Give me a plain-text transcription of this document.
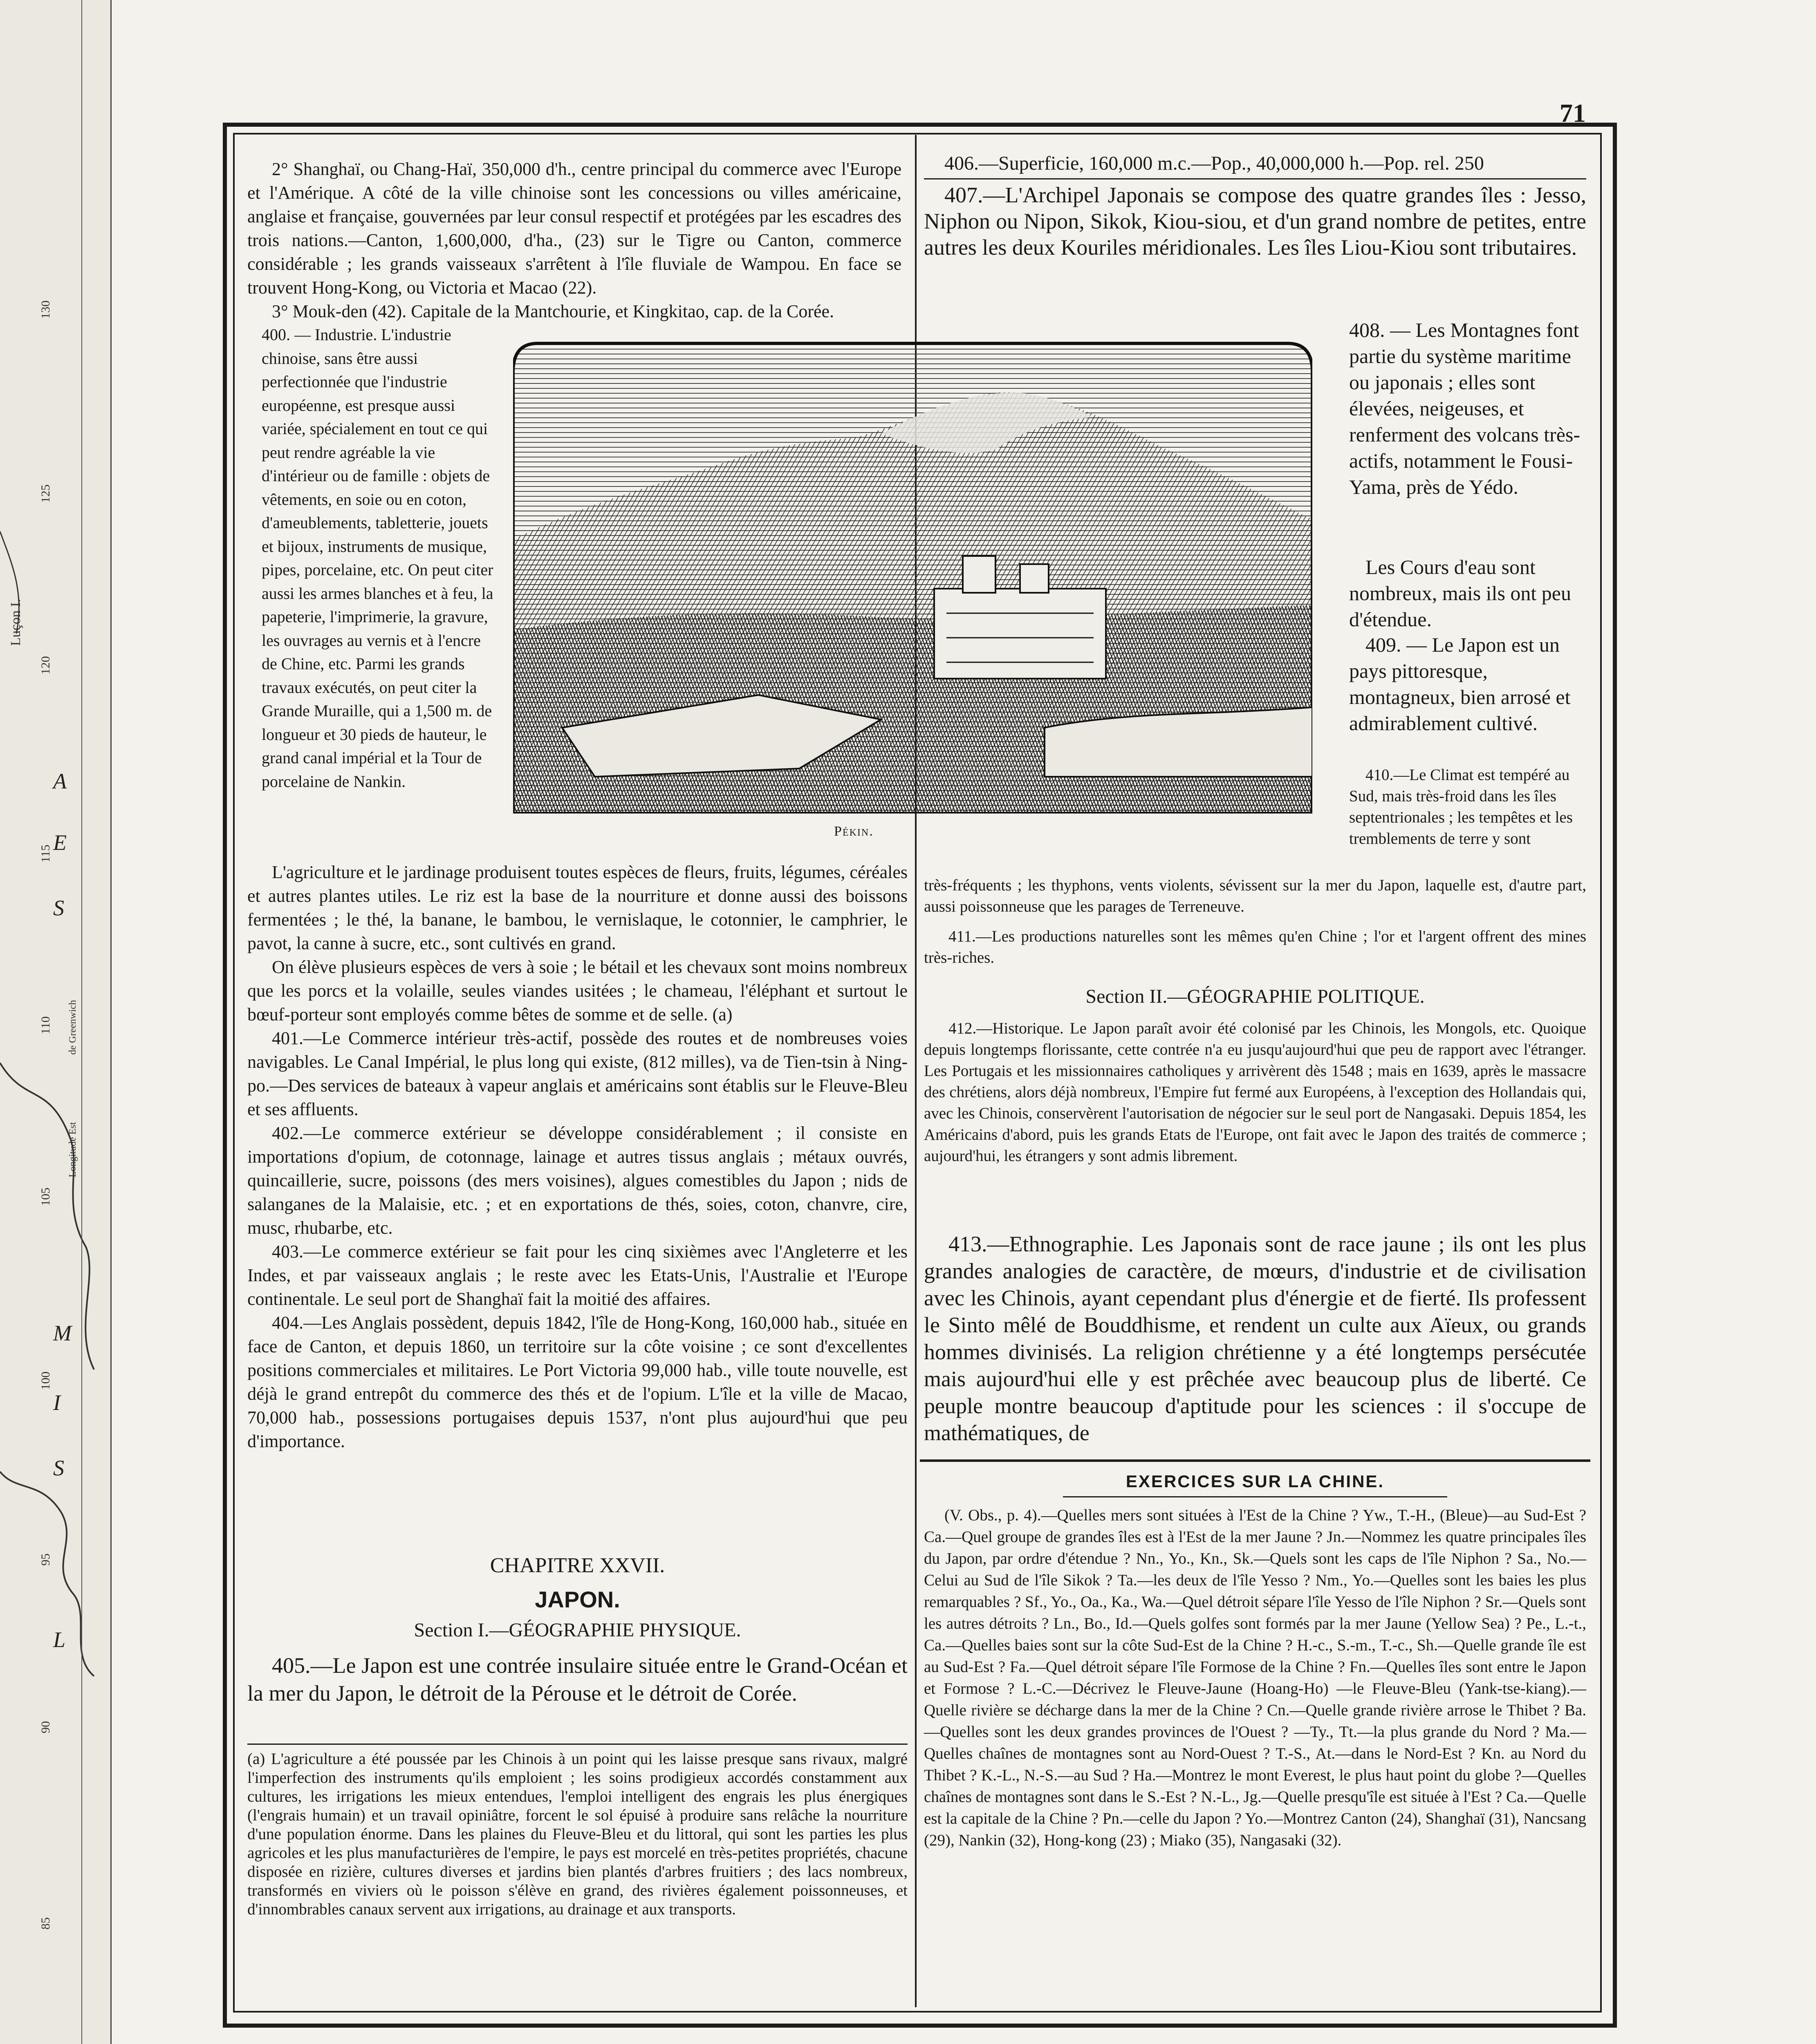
130
125
120
115
110
105
100
95
90
85
A
E
S
M
I
S
L
Luçon I.
Longitude Est
de Greenwich
71

2° Shanghaï, ou Chang-Haï, 350,000 d'h., centre principal du commerce avec l'Europe et l'Amérique. A côté de la ville chinoise sont les concessions ou villes américaine, anglaise et française, gouvernées par leur consul respectif et protégées par les escadres des trois nations.—Canton, 1,600,000, d'ha., (23) sur le Tigre ou Canton, commerce considérable ; les grands vaisseaux s'arrêtent à l'île fluviale de Wampou. En face se trouvent Hong-Kong, ou Victoria et Macao (22).

3° Mouk-den (42). Capitale de la Mantchourie, et Kingkitao, cap. de la Corée.

400. — Industrie. L'industrie chinoise, sans être aussi perfectionnée que l'industrie européenne, est presque aussi variée, spécialement en tout ce qui peut rendre agréable la vie d'intérieur ou de famille : objets de vêtements, en soie ou en coton, d'ameublements, tabletterie, jouets et bijoux, instruments de musique, pipes, porcelaine, etc. On peut citer aussi les armes blanches et à feu, la papeterie, l'imprimerie, la gravure, les ouvrages au vernis et à l'encre de Chine, etc. Parmi les grands travaux exécutés, on peut citer la Grande Muraille, qui a 1,500 m. de longueur et 30 pieds de hauteur, le grand canal impérial et la Tour de porcelaine de Nankin.
Pékin.

L'agriculture et le jardinage produisent toutes espèces de fleurs, fruits, légumes, céréales et autres plantes utiles. Le riz est la base de la nourriture et donne aussi des boissons fermentées ; le thé, la banane, le bambou, le vernislaque, le cotonnier, le camphrier, le pavot, la canne à sucre, etc., sont cultivés en grand.

On élève plusieurs espèces de vers à soie ; le bétail et les chevaux sont moins nombreux que les porcs et la volaille, seules viandes usitées ; le chameau, l'éléphant et surtout le bœuf-porteur sont employés comme bêtes de somme et de selle. (a)

401.—Le Commerce intérieur très-actif, possède des routes et de nombreuses voies navigables. Le Canal Impérial, le plus long qui existe, (812 milles), va de Tien-tsin à Ning-po.—Des services de bateaux à vapeur anglais et américains sont établis sur le Fleuve-Bleu et ses affluents.

402.—Le commerce extérieur se développe considérablement ; il consiste en importations d'opium, de cotonnage, lainage et autres tissus anglais ; métaux ouvrés, quincaillerie, sucre, poissons (des mers voisines), algues comestibles du Japon ; nids de salanganes de la Malaisie, etc. ; et en exportations de thés, soies, coton, chanvre, cire, musc, rhubarbe, etc.

403.—Le commerce extérieur se fait pour les cinq sixièmes avec l'Angleterre et les Indes, et par vaisseaux anglais ; le reste avec les Etats-Unis, l'Australie et l'Europe continentale. Le seul port de Shanghaï fait la moitié des affaires.

404.—Les Anglais possèdent, depuis 1842, l'île de Hong-Kong, 160,000 hab., située en face de Canton, et depuis 1860, un territoire sur la côte voisine ; ce sont d'excellentes positions commerciales et militaires. Le Port Victoria 99,000 hab., ville toute nouvelle, est déjà le grand entrepôt du commerce des thés et de l'opium. L'île et la ville de Macao, 70,000 hab., possessions portugaises depuis 1537, n'ont plus aujourd'hui que peu d'importance.

CHAPITRE XXVII.
JAPON.
Section I.—GÉOGRAPHIE PHYSIQUE.
405.—Le Japon est une contrée insulaire située entre le Grand-Océan et la mer du Japon, le détroit de la Pérouse et le détroit de Corée.
(a) L'agriculture a été poussée par les Chinois à un point qui les laisse presque sans rivaux, malgré l'imperfection des instruments qu'ils emploient ; les soins prodigieux accordés constamment aux cultures, les irrigations les mieux entendues, l'emploi intelligent des engrais les plus énergiques (l'engrais humain) et un travail opiniâtre, forcent le sol épuisé à produire sans relâche la nourriture d'une population énorme. Dans les plaines du Fleuve-Bleu et du littoral, qui sont les parties les plus agricoles et les plus manufacturières de l'empire, le pays est morcelé en très-petites propriétés, chacune disposée en rizière, cultures diverses et jardins bien plantés d'arbres fruitiers ; des lacs nombreux, transformés en viviers où le poisson s'élève en grand, des rivières également poissonneuses, et d'innombrables canaux servent aux irrigations, au drainage et aux transports.
406.—Superficie, 160,000 m.c.—Pop., 40,000,000 h.—Pop. rel. 250
407.—L'Archipel Japonais se compose des quatre grandes îles : Jesso, Niphon ou Nipon, Sikok, Kiou-siou, et d'un grand nombre de petites, entre autres les deux Kouriles méridionales. Les îles Liou-Kiou sont tributaires.
408. — Les Montagnes font partie du système maritime ou japonais ; elles sont élevées, neigeuses, et renferment des volcans très-actifs, notamment le Fousi-Yama, près de Yédo.
Les Cours d'eau sont nombreux, mais ils ont peu d'étendue.
409. — Le Japon est un pays pittoresque, montagneux, bien arrosé et admirablement cultivé.
410.—Le Climat est tempéré au Sud, mais très-froid dans les îles septentrionales ; les tempêtes et les tremblements de terre y sont
très-fréquents ; les thyphons, vents violents, sévissent sur la mer du Japon, laquelle est, d'autre part, aussi poissonneuse que les parages de Terreneuve.
411.—Les productions naturelles sont les mêmes qu'en Chine ; l'or et l'argent offrent des mines très-riches.
Section II.—GÉOGRAPHIE POLITIQUE.
412.—Historique. Le Japon paraît avoir été colonisé par les Chinois, les Mongols, etc. Quoique depuis longtemps florissante, cette contrée n'a eu jusqu'aujourd'hui que peu de rapport avec l'étranger. Les Portugais et les missionnaires catholiques y arrivèrent dès 1548 ; mais en 1639, après le massacre des chrétiens, alors déjà nombreux, l'Empire fut fermé aux Européens, à l'exception des Hollandais qui, avec les Chinois, conservèrent l'autorisation de négocier sur le seul port de Nangasaki. Depuis 1854, les Américains d'abord, puis les grands Etats de l'Europe, ont fait avec le Japon des traités de commerce ; aujourd'hui, les étrangers y sont admis librement.
413.—Ethnographie. Les Japonais sont de race jaune ; ils ont les plus grandes analogies de caractère, de mœurs, d'industrie et de civilisation avec les Chinois, ayant cependant plus d'énergie et de fierté. Ils professent le Sinto mêlé de Bouddhisme, et rendent un culte aux Aïeux, ou grands hommes divinisés. La religion chrétienne y a été longtemps persécutée mais aujourd'hui elle y est prêchée avec beaucoup plus de liberté. Ce peuple montre beaucoup d'aptitude pour les sciences : il s'occupe de mathématiques, de
EXERCICES SUR LA CHINE.
(V. Obs., p. 4).—Quelles mers sont situées à l'Est de la Chine ? Yw., T.-H., (Bleue)—au Sud-Est ? Ca.—Quel groupe de grandes îles est à l'Est de la mer Jaune ? Jn.—Nommez les quatre principales îles du Japon, par ordre d'étendue ? Nn., Yo., Kn., Sk.—Quels sont les caps de l'île Niphon ? Sa., No.—Celui au Sud de l'île Sikok ? Ta.—les deux de l'île Yesso ? Nm., Yo.—Quelles sont les baies les plus remarquables ? Sf., Yo., Oa., Ka., Wa.—Quel détroit sépare l'île Yesso de l'île Niphon ? Sr.—Quels sont les autres détroits ? Ln., Bo., Id.—Quels golfes sont formés par la mer Jaune (Yellow Sea) ? Pe., L.-t., Ca.—Quelles baies sont sur la côte Sud-Est de la Chine ? H.-c., S.-m., T.-c., Sh.—Quelle grande île est au Sud-Est ? Fa.—Quel détroit sépare l'île Formose de la Chine ? Fn.—Quelles îles sont entre le Japon et Formose ? L.-C.—Décrivez le Fleuve-Jaune (Hoang-Ho) —le Fleuve-Bleu (Yank-tse-kiang).—Quelle rivière se décharge dans la mer de la Chine ? Cn.—Quelle grande rivière arrose le Thibet ? Ba.—Quelles sont les deux grandes provinces de l'Ouest ? —Ty., Tt.—la plus grande du Nord ? Ma.—Quelles chaînes de montagnes sont au Nord-Ouest ? T.-S., At.—dans le Nord-Est ? Kn. au Nord du Thibet ? K.-L., N.-S.—au Sud ? Ha.—Montrez le mont Everest, le plus haut point du globe ?—Quelles chaînes de montagnes sont dans le S.-Est ? N.-L., Jg.—Quelle presqu'île est située à l'Est ? Ca.—Quelle est la capitale de la Chine ? Pn.—celle du Japon ? Yo.—Montrez Canton (24), Shanghaï (31), Nancsang (29), Nankin (32), Hong-kong (23) ; Miako (35), Nangasaki (32).
